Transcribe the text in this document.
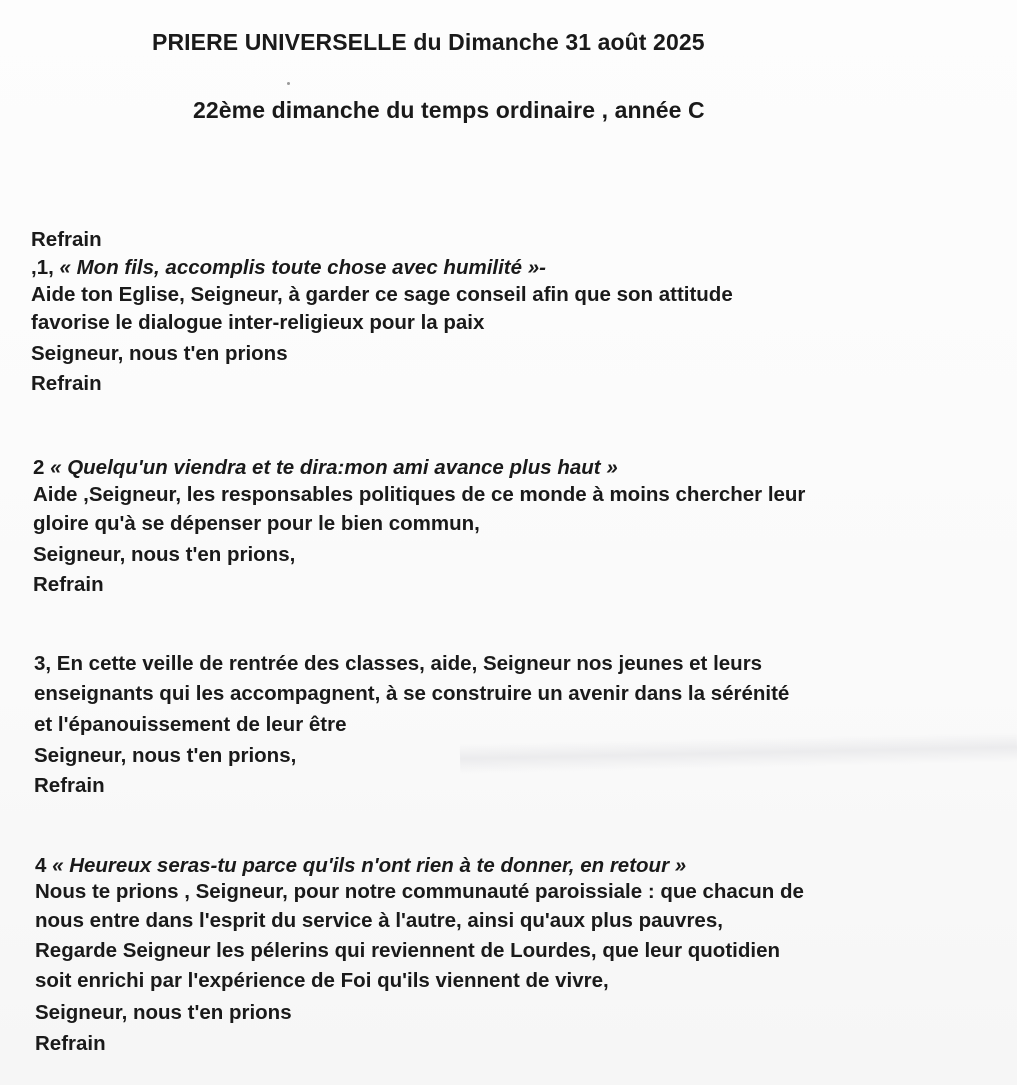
PRIERE UNIVERSELLE du Dimanche 31 août 2025
22ème dimanche du temps ordinaire , année C
Refrain
,1, « Mon fils, accomplis toute chose avec humilité »-
Aide ton Eglise, Seigneur, à garder ce sage conseil afin que son attitude
favorise le dialogue inter-religieux pour la paix
Seigneur, nous t'en prions
Refrain
2 « Quelqu'un viendra et te dira:mon ami avance plus haut »
Aide ,Seigneur, les responsables politiques de ce monde à moins chercher leur
gloire qu'à se dépenser pour le bien commun,
Seigneur, nous t'en prions,
Refrain
3, En cette veille de rentrée des classes, aide, Seigneur nos jeunes et leurs
enseignants qui les accompagnent, à se construire un avenir dans la sérénité
et l'épanouissement de leur être
Seigneur, nous t'en prions,
Refrain
4 « Heureux seras-tu parce qu'ils n'ont rien à te donner, en retour »
Nous te prions , Seigneur, pour notre communauté paroissiale : que chacun de
nous entre dans l'esprit du service à l'autre, ainsi qu'aux plus pauvres,
Regarde Seigneur les pélerins qui reviennent de Lourdes, que leur quotidien
soit enrichi par l'expérience de Foi qu'ils viennent de vivre,
Seigneur, nous t'en prions
Refrain
